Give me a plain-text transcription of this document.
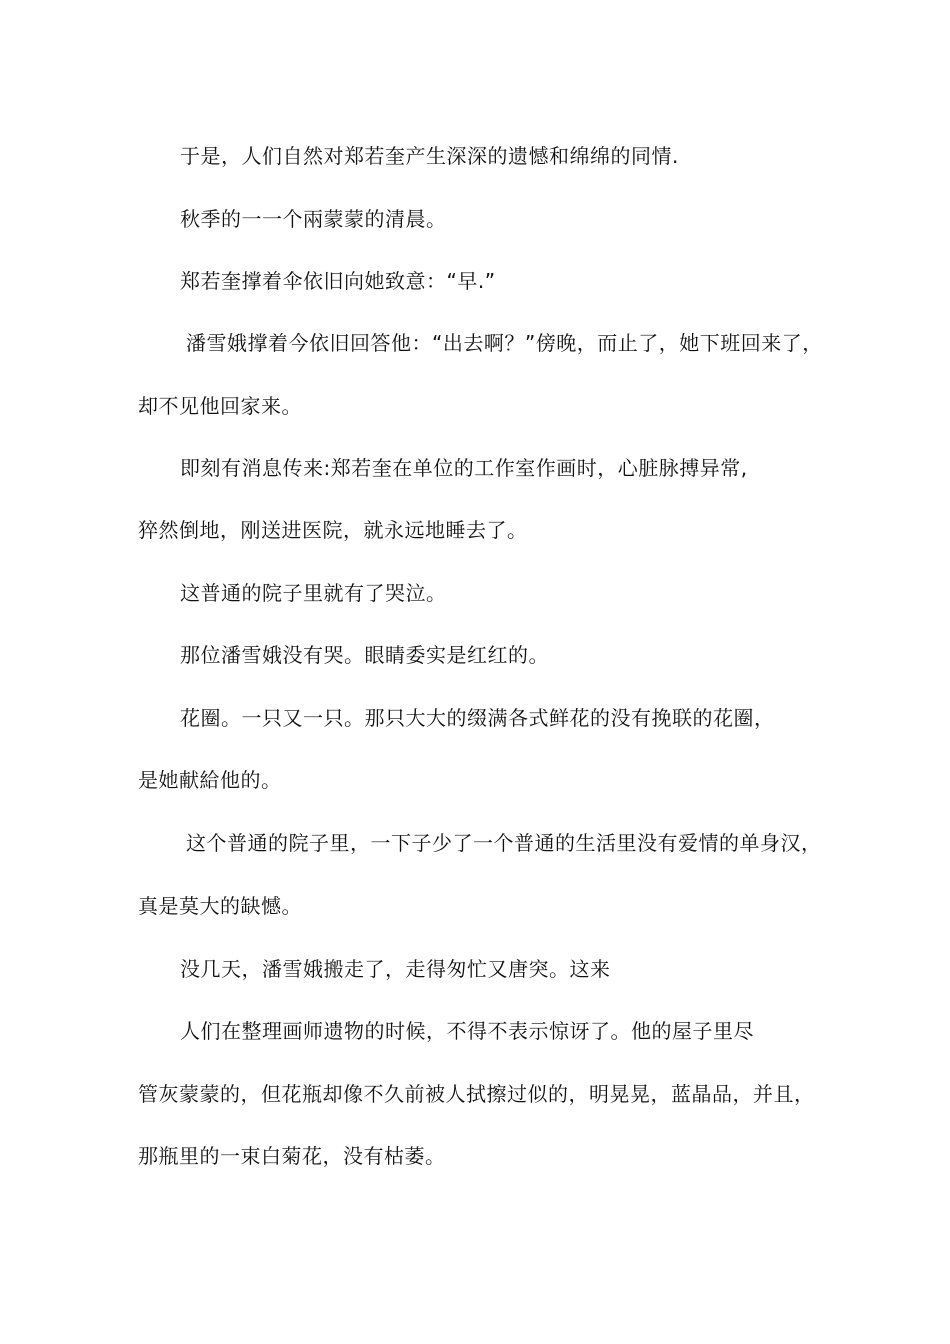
于是，人们自然对郑若奎产生深深的遗憾和绵绵的同情.
秋季的一一个兩蒙蒙的清晨。
郑若奎撑着伞依旧向她致意：“早.”
潘雪娥撑着今依旧回答他：“出去啊？”傍晚，而止了，她下班回来了，
却不见他回家来。
即刻有消息传来:郑若奎在单位的工作室作画时，心脏脉搏异常,
猝然倒地，刚送进医院，就永远地睡去了。
这普通的院子里就有了哭泣。
那位潘雪娥没有哭。眼睛委实是红红的。
花圈。一只又一只。那只大大的缀满各式鲜花的没有挽联的花圈，
是她献給他的。
这个普通的院子里，一下子少了一个普通的生活里没有爱情的单身汉，
真是莫大的缺憾。
没几天，潘雪娥搬走了，走得匆忙又唐突。这来
人们在整理画师遗物的时候，不得不表示惊讶了。他的屋子里尽
管灰蒙蒙的，但花瓶却像不久前被人拭擦过似的，明晃晃，蓝晶品，并且，
那瓶里的一束白菊花，没有枯萎。
